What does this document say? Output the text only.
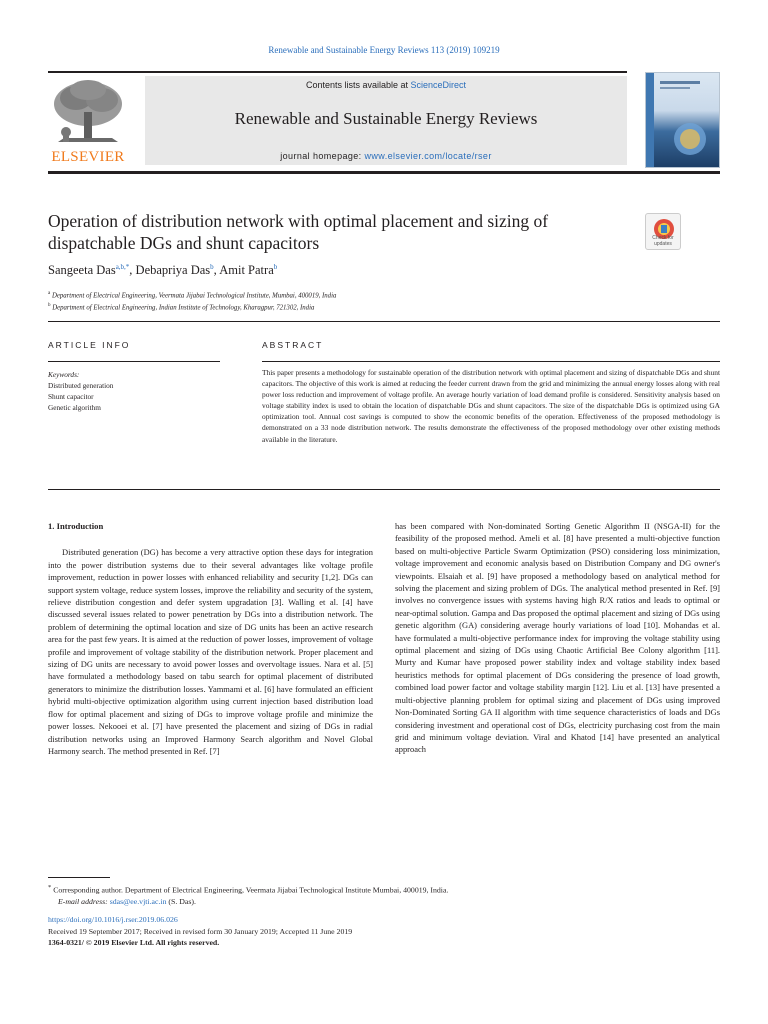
Renewable and Sustainable Energy Reviews 113 (2019) 109219
ELSEVIER
Contents lists available at ScienceDirect
Renewable and Sustainable Energy Reviews
journal homepage: www.elsevier.com/locate/rser
Operation of distribution network with optimal placement and sizing of dispatchable DGs and shunt capacitors	Check for updates
Sangeeta Das$^{a,b,*}$, Debapriya Das$^b$, Amit Patra$^b$
$^a$ Department of Electrical Engineering, Veermata Jijabai Technological Institute, Mumbai, 400019, India
$^b$ Department of Electrical Engineering, Indian Institute of Technology, Kharagpur, 721302, India
ARTICLE INFO	ABSTRACT
Keywords:
Distributed generation
Shunt capacitor
Genetic algorithm
This paper presents a methodology for sustainable operation of the distribution network with optimal placement and sizing of dispatchable DGs and shunt capacitors. The objective of this work is aimed at reducing the feeder current drawn from the grid and minimizing the annual energy losses along with real power loss reduction and improvement of voltage profile. An average hourly variation of load demand profile is considered. Sensitivity analysis based on voltage stability index is used to obtain the location of dispatchable DGs and shunt capacitors. The size of the dispatchable DGs is optimized using GA optimization tool. Annual cost savings is computed to show the economic benefits of the operation. Effectiveness of the proposed methodology is demonstrated on a 33 node distribution network. The results demonstrate the effectiveness of the proposed methodology over other existing methods available in the literature.
1. Introduction

Distributed generation (DG) has become a very attractive option these days for integration into the power distribution systems due to their several advantages like voltage profile improvement, reduction in power losses with enhanced reliability and security [1,2]. DGs can support system voltage, reduce system losses, improve the reliability and security of the system, relieve distribution congestion and defer system upgradation [3]. Walling et al. [4] have discussed several issues related to power penetration by DGs into a distribution network. The problem of determining the optimal location and size of DG units has been an active research area for the past few years. It is aimed at the reduction of power losses, improvement of voltage profile and improvement of voltage stability of the distribution network. Proper placement and sizing of DG units are necessary to avoid power losses and overvoltage issues. Nara et al. [5] have formulated a methodology based on tabu search for optimal placement of distributed generators to minimize the distribution losses. Yammami et al. [6] have formulated an efficient hybrid multi-objective optimization algorithm using current injection based distribution load flow for optimal placement and sizing of DGs to improve voltage profile and minimize the power losses. Nekooei et al. [7] have presented the placement and sizing of DGs in radial distribution networks using an Improved Harmony Search algorithm and Novel Global Harmony search. The method presented in Ref. [7]

has been compared with Non-dominated Sorting Genetic Algorithm II (NSGA-II) for the feasibility of the proposed method. Ameli et al. [8] have presented a multi-objective function based on multi-objective Particle Swarm Optimization (PSO) considering loss minimization, voltage improvement and economic analysis based on Distribution Company and DG owner's viewpoints. Elsaiah et al. [9] have proposed a methodology based on analytical method for solving the placement and sizing problem of DGs. The analytical method presented in Ref. [9] involves no convergence issues with systems having high R/X ratios and leads to optimal or near-optimal solution. Gampa and Das proposed the optimal placement and sizing of DGs using genetic algorithm (GA) considering average hourly variations of load [10]. Mohandas et al. have formulated a multi-objective performance index for improving the voltage stability using optimal placement and sizing of DGs using Chaotic Artificial Bee Colony algorithm [11]. Murty and Kumar have proposed power stability index and voltage stability index based heuristics methods for optimal placement of DGs considering the presence of load growth, combined load power factor and voltage stability margin [12]. Liu et al. [13] have presented a multi-objective planning problem for optimal sizing and placement of DGs using improved Non-Dominated Sorting GA II algorithm with time sequence characteristics of loads and DGs considering investment and operational cost of DGs, electricity purchasing cost from the main grid and minimum voltage deviation. Viral and Khatod [14] have presented an analytical approach

* Corresponding author. Department of Electrical Engineering, Veermata Jijabai Technological Institute Mumbai, 400019, India.
E-mail address: sdas@ee.vjti.ac.in (S. Das).
https://doi.org/10.1016/j.rser.2019.06.026
Received 19 September 2017; Received in revised form 30 January 2019; Accepted 11 June 2019
1364-0321/ © 2019 Elsevier Ltd. All rights reserved.
